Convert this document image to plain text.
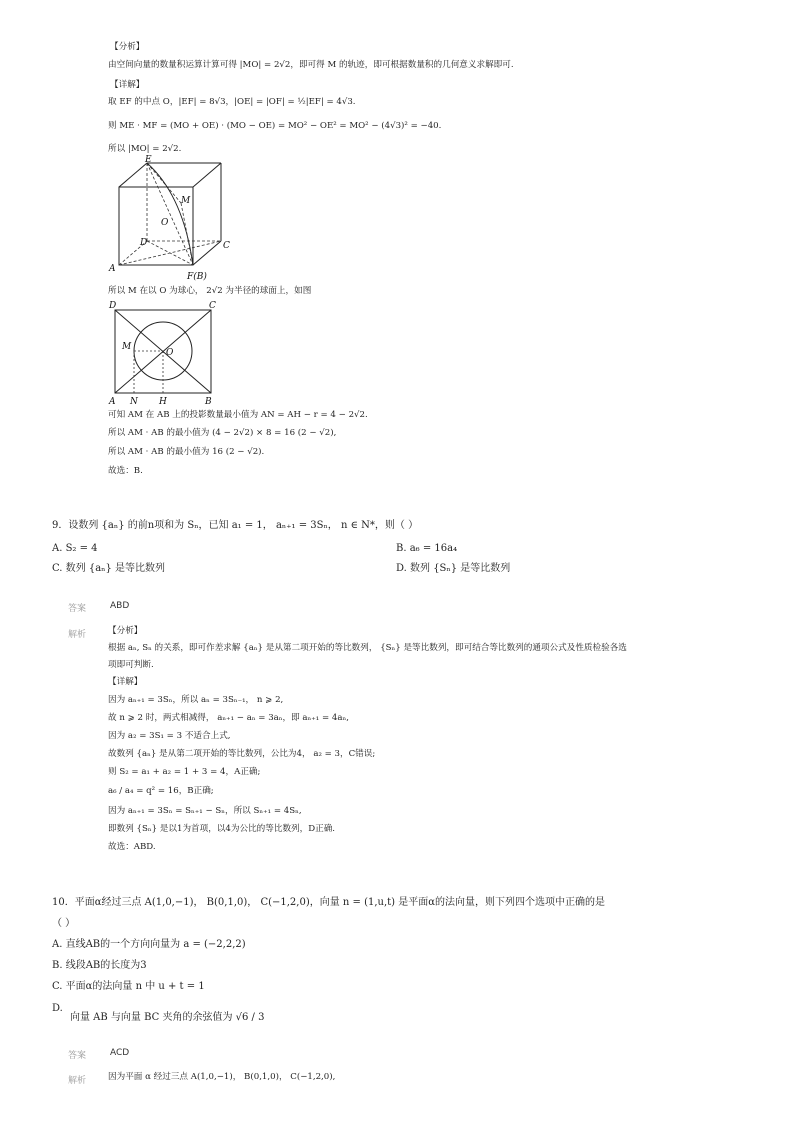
【分析】
由空间向量的数量积运算计算可得 |MO| = 2√2，即可得 M 的轨迹，即可根据数量积的几何意义求解即可.
【详解】
取 EF 的中点 O，|EF| = 8√3，|OE| = |OF| = ½|EF| = 4√3.
则 ME · MF = (MO + OE) · (MO − OE) = MO² − OE² = MO² − (4√3)² = −40.
所以 |MO| = 2√2.
E
M
O
D	C
A
F(B)
所以 M 在以 O 为球心， 2√2 为半径的球面上，如图
D	C
M
O
A N H	B
可知 AM 在 AB 上的投影数量最小值为 AN = AH − r = 4 − 2√2.
所以 AM · AB 的最小值为 (4 − 2√2) × 8 = 16 (2 − √2),
所以 AM · AB 的最小值为 16 (2 − √2).
故选：B.
9．设数列 {aₙ} 的前n项和为 Sₙ，已知 a₁ = 1， aₙ₊₁ = 3Sₙ， n ∈ N*，则（ ）
A. S₂ = 4	B. a₆ = 16a₄
C. 数列 {aₙ} 是等比数列	D. 数列 {Sₙ} 是等比数列
答案	ABD
解析	【分析】
根据 aₙ, Sₙ 的关系，即可作差求解 {aₙ} 是从第二项开始的等比数列， {Sₙ} 是等比数列，即可结合等比数列的通项公式及性质检验各选
项即可判断.
【详解】
因为 aₙ₊₁ = 3Sₙ，所以 aₙ = 3Sₙ₋₁， n ⩾ 2,
故 n ⩾ 2 时，两式相减得， aₙ₊₁ − aₙ = 3aₙ，即 aₙ₊₁ = 4aₙ,
因为 a₂ = 3S₁ = 3 不适合上式,
故数列 {aₙ} 是从第二项开始的等比数列，公比为4， a₂ = 3，C错误;
则 S₂ = a₁ + a₂ = 1 + 3 = 4，A正确;
a₆ / a₄ = q² = 16，B正确;
因为 aₙ₊₁ = 3Sₙ = Sₙ₊₁ − Sₙ，所以 Sₙ₊₁ = 4Sₙ,
即数列 {Sₙ} 是以1为首项，以4为公比的等比数列，D正确.
故选：ABD.
10．平面α经过三点 A(1,0,−1)， B(0,1,0)， C(−1,2,0)，向量 n = (1,u,t) 是平面α的法向量，则下列四个选项中正确的是
（ ）
A. 直线AB的一个方向向量为 a = (−2,2,2)
B. 线段AB的长度为3
C. 平面α的法向量 n 中 u + t = 1
D.
向量 AB 与向量 BC 夹角的余弦值为 √6 / 3
答案	ACD
解析	因为平面 α 经过三点 A(1,0,−1)， B(0,1,0)， C(−1,2,0),
